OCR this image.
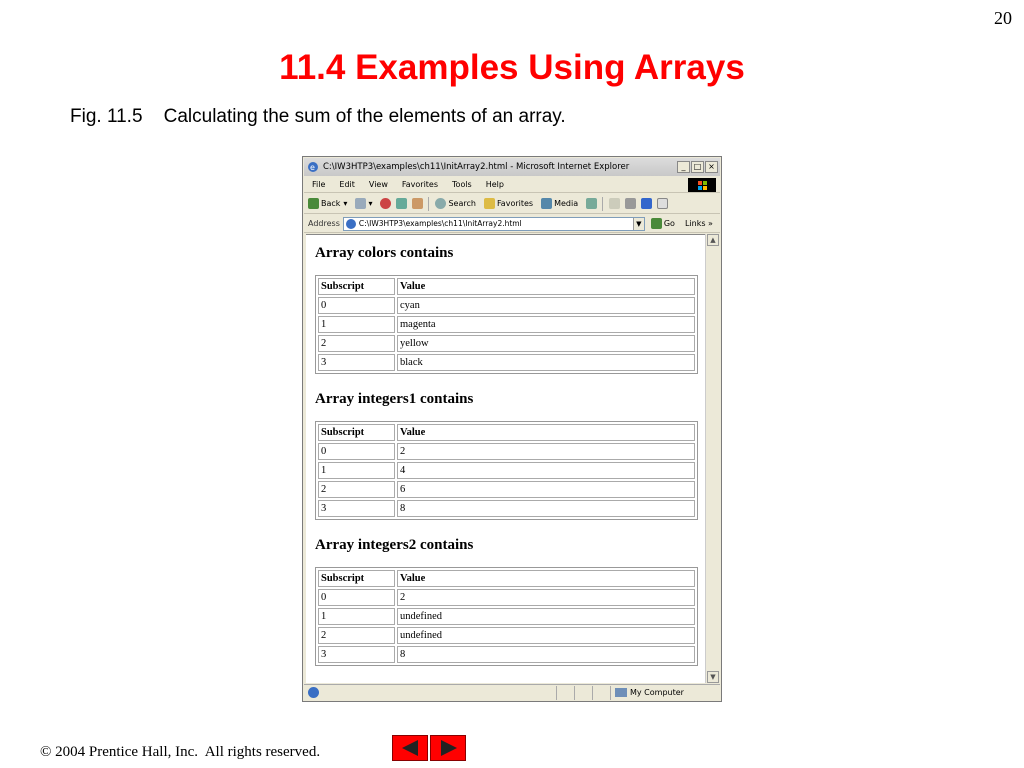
20
11.4 Examples Using Arrays
Fig. 11.5    Calculating the sum of the elements of an array.
e C:\IW3HTP3\examples\ch11\InitArray2.html - Microsoft Internet Explorer	_	□ ×
File Edit View Favorites Tools Help
Back ▾	▾	Search	Favorites	Media
Address	C:\IW3HTP3\examples\ch11\InitArray2.html	▼	Go Links »
Array colors contains
Subscript	Value
0	cyan
1	magenta
2	yellow
3	black
Array integers1 contains
Subscript	Value
0	2
1	4
2	6
3	8
Array integers2 contains
Subscript	Value
0	2
1	undefined
2	undefined
3	8
▲
▼
My Computer
© 2004 Prentice Hall, Inc.  All rights reserved.
